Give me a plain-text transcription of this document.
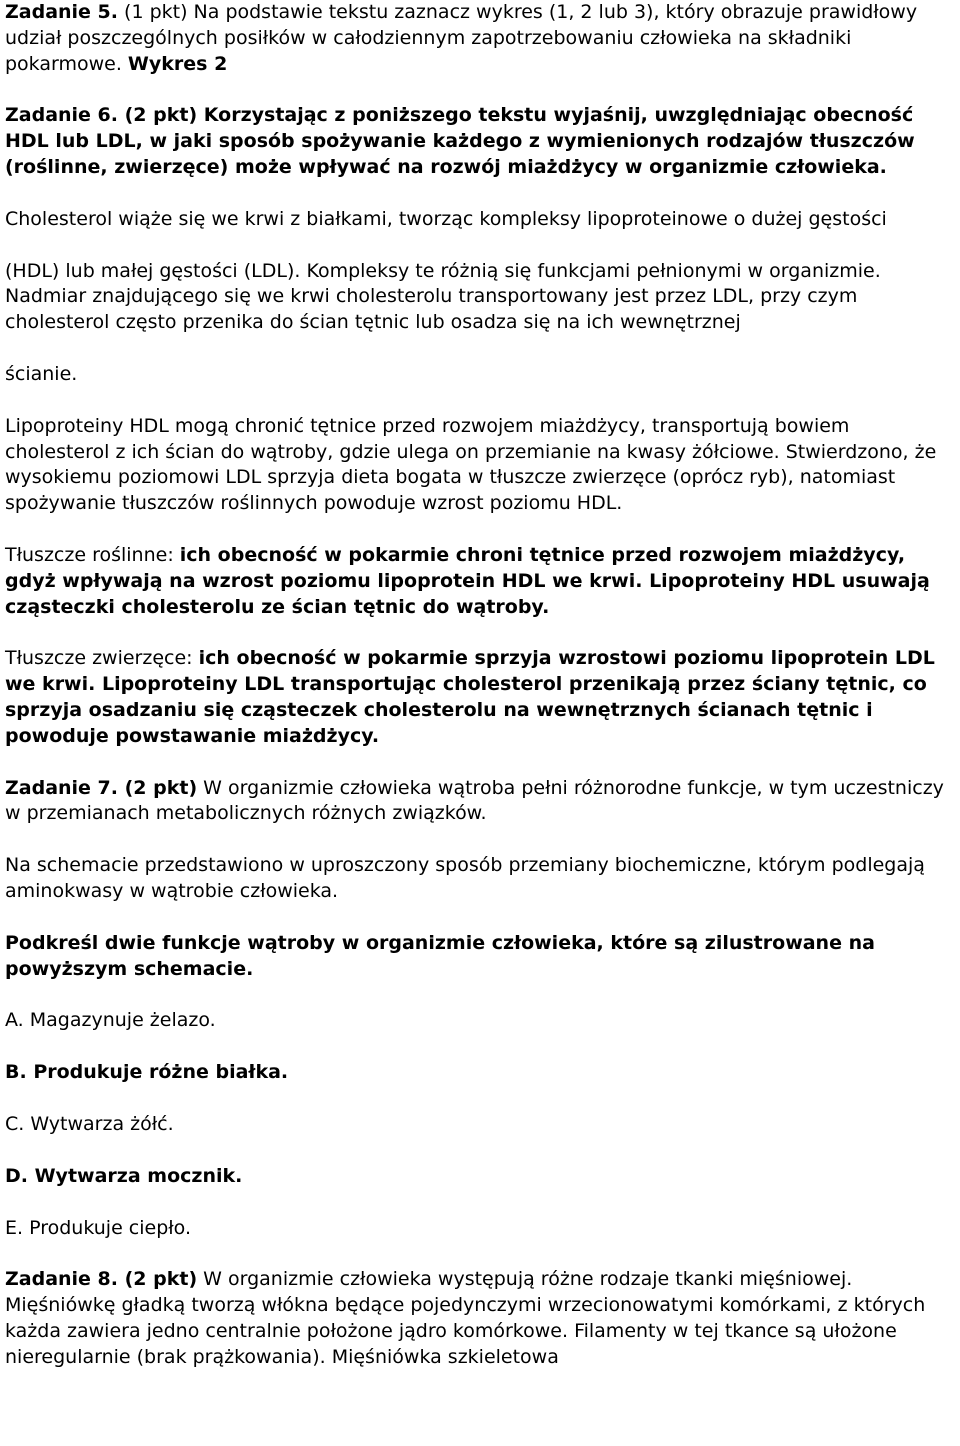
Zadanie 5. (1 pkt) Na podstawie tekstu zaznacz wykres (1, 2 lub 3), który obrazuje prawidłowy udział poszczególnych posiłków w całodziennym zapotrzebowaniu człowieka na składniki pokarmowe. Wykres 2

Zadanie 6. (2 pkt) Korzystając z poniższego tekstu wyjaśnij, uwzględniając obecność HDL lub LDL, w jaki sposób spożywanie każdego z wymienionych rodzajów tłuszczów (roślinne, zwierzęce) może wpływać na rozwój miażdżycy w organizmie człowieka.

Cholesterol wiąże się we krwi z białkami, tworząc kompleksy lipoproteinowe o dużej gęstości

(HDL) lub małej gęstości (LDL). Kompleksy te różnią się funkcjami pełnionymi w organizmie. Nadmiar znajdującego się we krwi cholesterolu transportowany jest przez LDL, przy czym cholesterol często przenika do ścian tętnic lub osadza się na ich wewnętrznej

ścianie.

Lipoproteiny HDL mogą chronić tętnice przed rozwojem miażdżycy, transportują bowiem cholesterol z ich ścian do wątroby, gdzie ulega on przemianie na kwasy żółciowe. Stwierdzono, że wysokiemu poziomowi LDL sprzyja dieta bogata w tłuszcze zwierzęce (oprócz ryb), natomiast spożywanie tłuszczów roślinnych powoduje wzrost poziomu HDL.

Tłuszcze roślinne: ich obecność w pokarmie chroni tętnice przed rozwojem miażdżycy, gdyż wpływają na wzrost poziomu lipoprotein HDL we krwi. Lipoproteiny HDL usuwają cząsteczki cholesterolu ze ścian tętnic do wątroby.

Tłuszcze zwierzęce: ich obecność w pokarmie sprzyja wzrostowi poziomu lipoprotein LDL we krwi. Lipoproteiny LDL transportując cholesterol przenikają przez ściany tętnic, co sprzyja osadzaniu się cząsteczek cholesterolu na wewnętrznych ścianach tętnic i powoduje powstawanie miażdżycy.

Zadanie 7. (2 pkt) W organizmie człowieka wątroba pełni różnorodne funkcje, w tym uczestniczy w przemianach metabolicznych różnych związków.

Na schemacie przedstawiono w uproszczony sposób przemiany biochemiczne, którym podlegają aminokwasy w wątrobie człowieka.

Podkreśl dwie funkcje wątroby w organizmie człowieka, które są zilustrowane na powyższym schemacie.

A. Magazynuje żelazo.

B. Produkuje różne białka.

C. Wytwarza żółć.

D. Wytwarza mocznik.

E. Produkuje ciepło.

Zadanie 8. (2 pkt) W organizmie człowieka występują różne rodzaje tkanki mięśniowej. Mięśniówkę gładką tworzą włókna będące pojedynczymi wrzecionowatymi komórkami, z których każda zawiera jedno centralnie położone jądro komórkowe. Filamenty w tej tkance są ułożone nieregularnie (brak prążkowania). Mięśniówka szkieletowa
